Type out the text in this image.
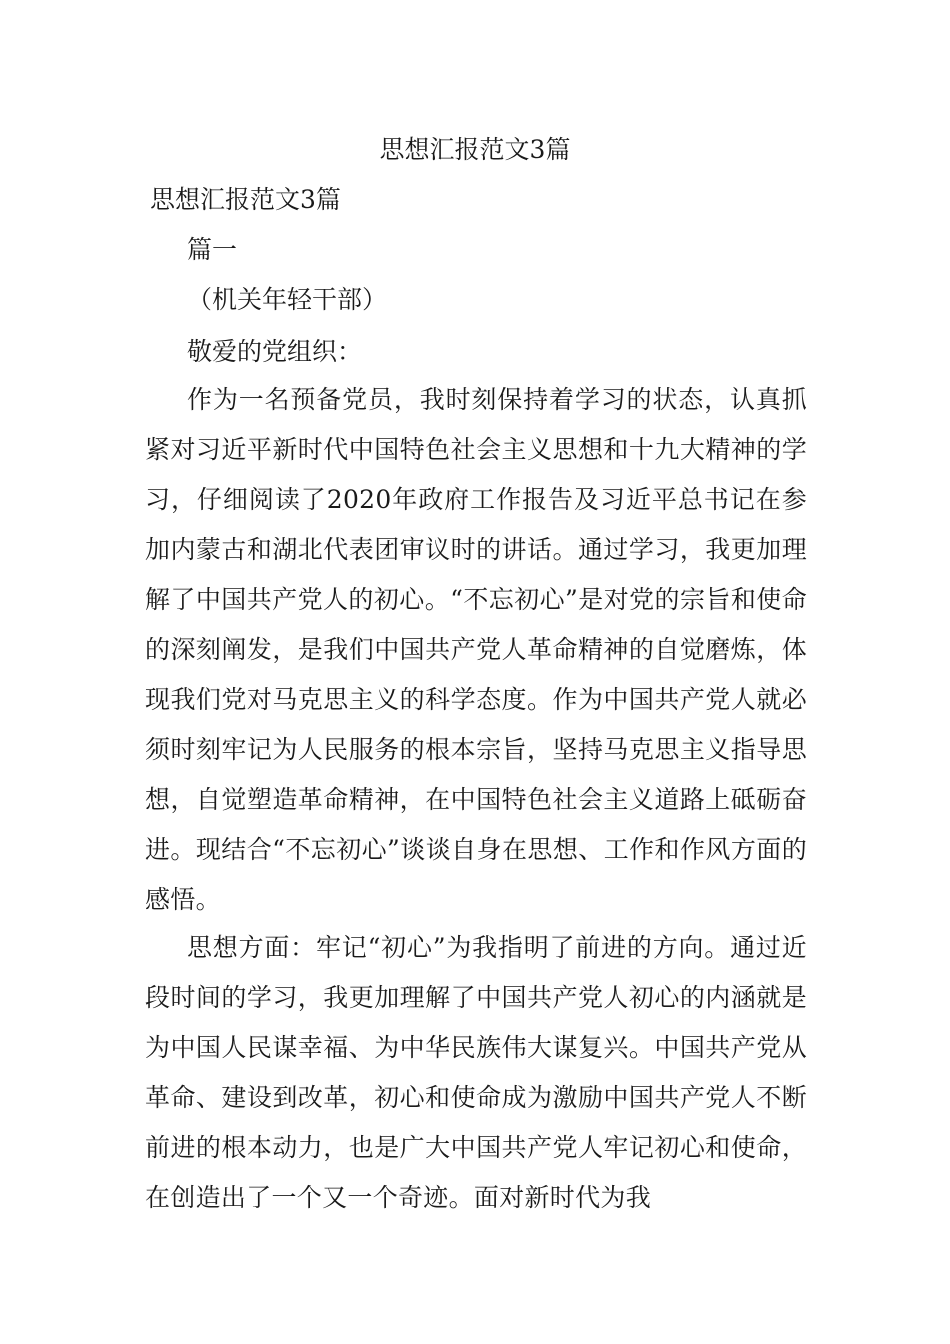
思想汇报范文3篇
思想汇报范文3篇
篇一
（机关年轻干部）
敬爱的党组织：

作为一名预备党员，我时刻保持着学习的状态，认真抓紧对习近平新时代中国特色社会主义思想和十九大精神的学习，仔细阅读了2020年政府工作报告及习近平总书记在参加内蒙古和湖北代表团审议时的讲话。通过学习，我更加理解了中国共产党人的初心。“不忘初心”是对党的宗旨和使命的深刻阐发，是我们中国共产党人革命精神的自觉磨炼，体现我们党对马克思主义的科学态度。作为中国共产党人就必须时刻牢记为人民服务的根本宗旨，坚持马克思主义指导思想，自觉塑造革命精神，在中国特色社会主义道路上砥砺奋进。现结合“不忘初心”谈谈自身在思想、工作和作风方面的感悟。

思想方面：牢记“初心”为我指明了前进的方向。通过近段时间的学习，我更加理解了中国共产党人初心的内涵就是为中国人民谋幸福、为中华民族伟大谋复兴。中国共产党从革命、建设到改革，初心和使命成为激励中国共产党人不断前进的根本动力，也是广大中国共产党人牢记初心和使命，在创造出了一个又一个奇迹。面对新时代为我
